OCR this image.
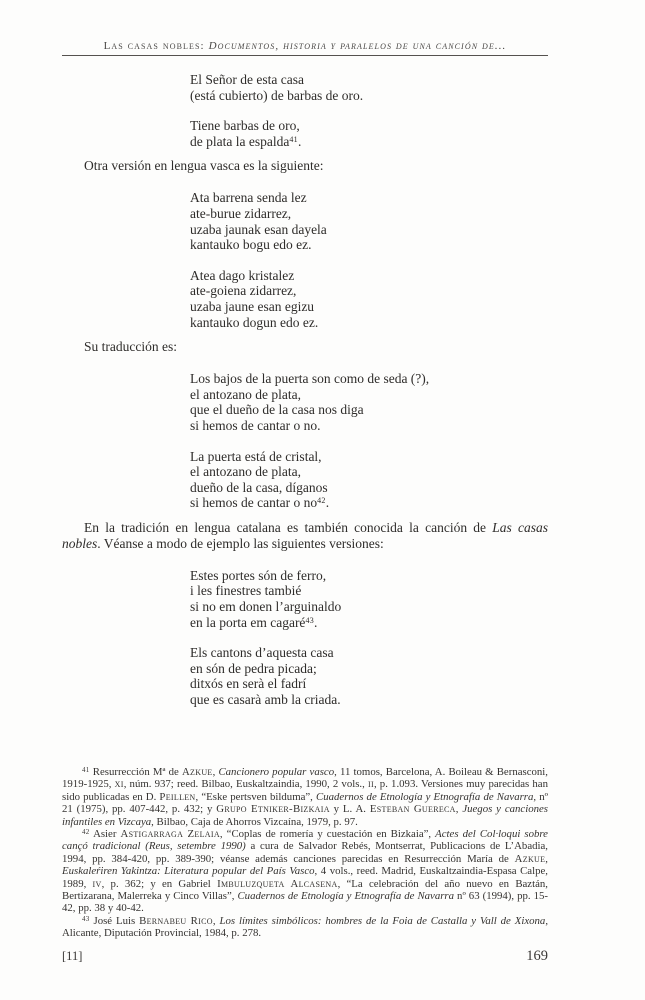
Las casas nobles: Documentos, historia y paralelos de una canción de...
El Señor de esta casa
(está cubierto) de barbas de oro.
Tiene barbas de oro,
de plata la espalda$^{41}$.

Otra versión en lengua vasca es la siguiente:

Ata barrena senda lez
ate-burue zidarrez,
uzaba jaunak esan dayela
kantauko bogu edo ez.
Atea dago kristalez
ate-goiena zidarrez,
uzaba jaune esan egizu
kantauko dogun edo ez.

Su traducción es:

Los bajos de la puerta son como de seda (?),
el antozano de plata,
que el dueño de la casa nos diga
si hemos de cantar o no.
La puerta está de cristal,
el antozano de plata,
dueño de la casa, díganos
si hemos de cantar o $no^{42}$.

En la tradición en lengua catalana es también conocida la canción de Las casas nobles. Véanse a modo de ejemplo las siguientes versiones:

Estes portes són de ferro,
i les finestres tambié
si no em donen l’arguinaldo
en la porta em cagaré$^{43}$.
Els cantons d’aquesta casa
en són de pedra picada;
ditxós en serà el fadrí
que es casarà amb la criada.

$^{41}$ Resurrección Mª de Azkue, Cancionero popular vasco, 11 tomos, Barcelona, A. Boileau & Bernasconi, 1919-1925, xi, núm. 937; reed. Bilbao, Euskaltzaindia, 1990, 2 vols., ii, p. 1.093. Versiones muy parecidas han sido publicadas en D. Peillen, “Eske pertsven bilduma”, Cuadernos de Etnología y Etnografía de Navarra, nº 21 (1975), pp. 407-442, p. 432; y Grupo Etniker-Bizkaia y L. A. Esteban Guereca, Juegos y canciones infantiles en Vizcaya, Bilbao, Caja de Ahorros Vizcaína, 1979, p. 97.

$^{42}$ Asier Astigarraga Zelaia, “Coplas de romería y cuestación en Bizkaia”, Actes del Col·loqui sobre cançó tradicional (Reus, setembre 1990) a cura de Salvador Rebés, Montserrat, Publicacions de L’Abadia, 1994, pp. 384-420, pp. 389-390; véanse además canciones parecidas en Resurrección María de Azkue, Euskaleŕiren Yakintza: Literatura popular del País Vasco, 4 vols., reed. Madrid, Euskaltzaindia-Espasa Calpe, 1989, iv, p. 362; y en Gabriel Imbuluzqueta Alcasena, “La celebración del año nuevo en Baztán, Bertizarana, Malerreka y Cinco Villas”, Cuadernos de Etnología y Etnografía de Navarra nº 63 (1994), pp. 15-42, pp. 38 y 40-42.

$^{43}$ José Luis Bernabeu Rico, Los límites simbólicos: hombres de la Foia de Castalla y Vall de Xixona, Alicante, Diputación Provincial, 1984, p. 278.

[11]	169
